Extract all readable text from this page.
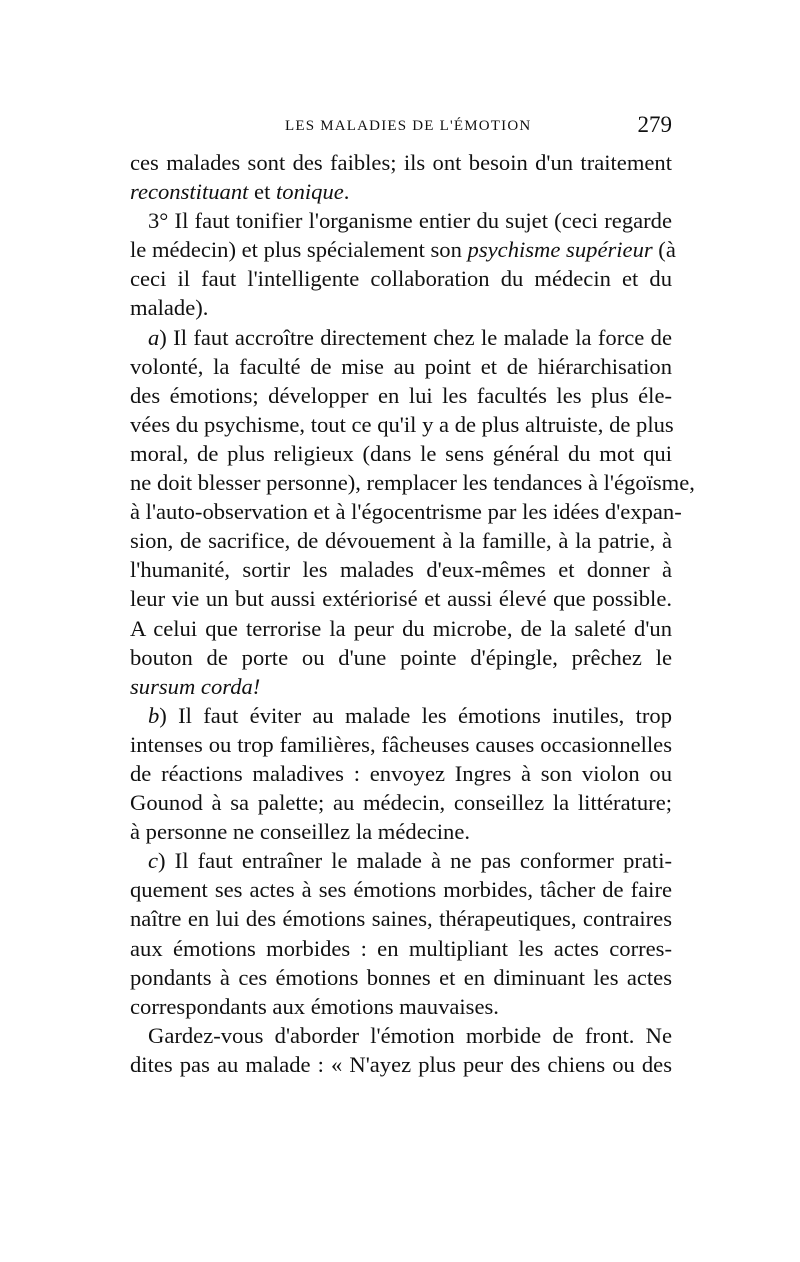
LES MALADIES DE L'ÉMOTION	279
ces malades sont des faibles; ils ont besoin d'un traitement
reconstituant et tonique.
3° Il faut tonifier l'organisme entier du sujet (ceci regarde
le médecin) et plus spécialement son psychisme supérieur (à
ceci il faut l'intelligente collaboration du médecin et du
malade).
a) Il faut accroître directement chez le malade la force de
volonté, la faculté de mise au point et de hiérarchisation
des émotions; développer en lui les facultés les plus éle-
vées du psychisme, tout ce qu'il y a de plus altruiste, de plus
moral, de plus religieux (dans le sens général du mot qui
ne doit blesser personne), remplacer les tendances à l'égoïsme,
à l'auto-observation et à l'égocentrisme par les idées d'expan-
sion, de sacrifice, de dévouement à la famille, à la patrie, à
l'humanité, sortir les malades d'eux-mêmes et donner à
leur vie un but aussi extériorisé et aussi élevé que possible.
A celui que terrorise la peur du microbe, de la saleté d'un
bouton de porte ou d'une pointe d'épingle, prêchez le
sursum corda!
b) Il faut éviter au malade les émotions inutiles, trop
intenses ou trop familières, fâcheuses causes occasionnelles
de réactions maladives : envoyez Ingres à son violon ou
Gounod à sa palette; au médecin, conseillez la littérature;
à personne ne conseillez la médecine.
c) Il faut entraîner le malade à ne pas conformer prati-
quement ses actes à ses émotions morbides, tâcher de faire
naître en lui des émotions saines, thérapeutiques, contraires
aux émotions morbides : en multipliant les actes corres-
pondants à ces émotions bonnes et en diminuant les actes
correspondants aux émotions mauvaises.
Gardez-vous d'aborder l'émotion morbide de front. Ne
dites pas au malade : « N'ayez plus peur des chiens ou des
